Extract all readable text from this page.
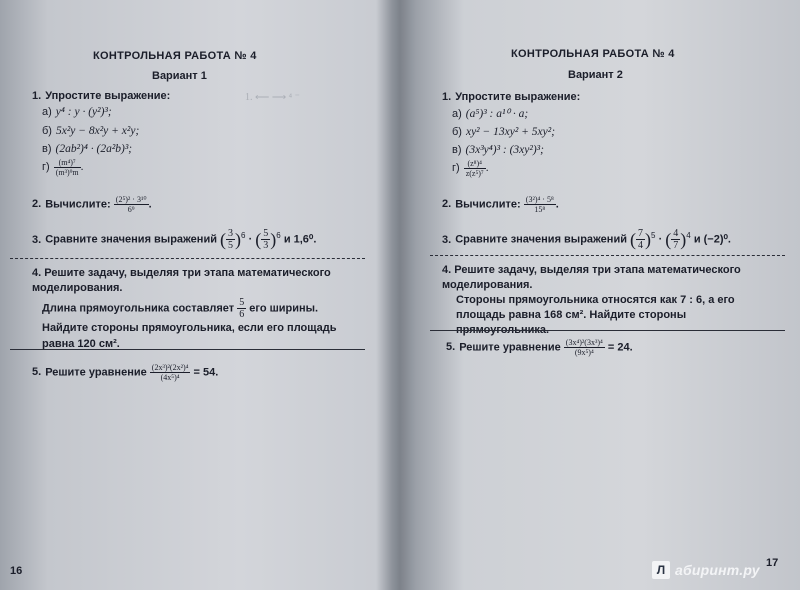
1. ⟵ ⟶ ⁴ ⁻
КОНТРОЛЬНАЯ РАБОТА № 4
Вариант 1
1. Упростите выражение:
а) y⁴ : y · (y²)³;
б) 5x²y − 8x²y + x²y;
в) (2ab²)⁴ · (2a²b)³;
$г) \frac{\text{(m⁴)⁷}}{\text{(m³)⁹m}}$ .
2. Вычислите: $\frac{\text{(2⁵)² · 3¹⁰}}{\text{6⁹}}$ .
3. Сравните значения выражений ( $\frac{3}{5} )^6$ · ( $\frac{5}{3} )^6$ и 1,6⁰.
4. Решите задачу, выделяя три этапа математического моделирования.
Длина прямоугольника составляет $\frac{5}{6}$ его ширины. Найдите стороны прямоугольника, если его площадь равна 120 см².
5. Решите уравнение $\frac{\text{(2x³)²(2x²)⁴}}{\text{(4x⁵)⁴}} = 54$.
16
КОНТРОЛЬНАЯ РАБОТА № 4
Вариант 2
1. Упростите выражение:
а) (a⁵)³ : a¹⁰ · a;
б) xy² − 13xy² + 5xy²;
в) (3x³y⁴)³ : (3xy²)³;
$г) \frac{\text{(z⁸)⁴}}{\text{z(z⁵)⁷}}$ .
2. Вычислите: $\frac{\text{(3²)⁴ · 5⁸}}{\text{15⁸}}$ .
3. Сравните значения выражений ( $\frac{7}{4} )^5$ · ( $\frac{4}{7} )^4$ и (−2)⁰.
4. Решите задачу, выделяя три этапа математического моделирования.
Стороны прямоугольника относятся как 7 : 6, а его площадь равна 168 см². Найдите стороны прямоугольника.
5. Решите уравнение $\frac{\text{(3x⁴)²(3x³)⁴}}{\text{(9x⁵)⁴}} = 24$.
17
Л абиринт.ру
